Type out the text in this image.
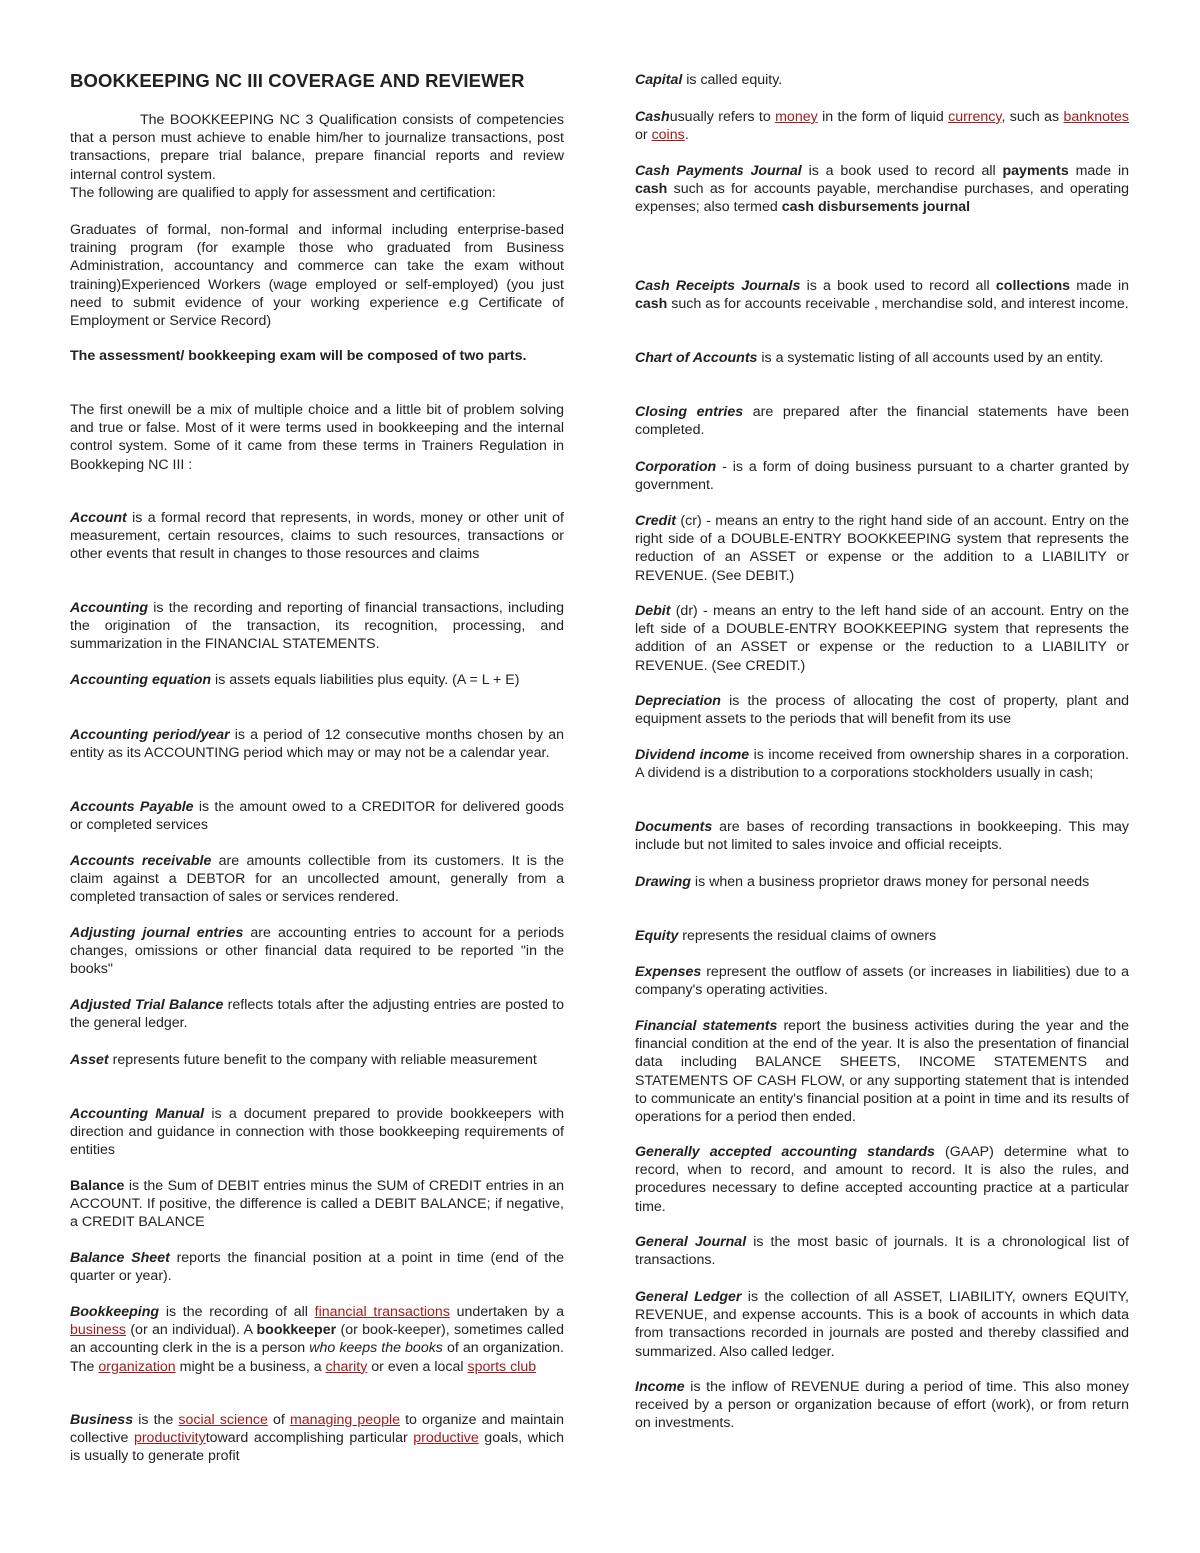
BOOKKEEPING NC III COVERAGE AND REVIEWER

The BOOKKEEPING NC 3 Qualification consists of competencies that a person must achieve to enable him/her to journalize transactions, post transactions, prepare trial balance, prepare financial reports and review internal control system.

The following are qualified to apply for assessment and certification:

Graduates of formal, non-formal and informal including enterprise-based training program (for example those who graduated from Business Administration, accountancy and commerce can take the exam without training)Experienced Workers (wage employed or self-employed) (you just need to submit evidence of your working experience e.g Certificate of Employment or Service Record)

The assessment/ bookkeeping exam will be composed of two parts.

The first onewill be a mix of multiple choice and a little bit of problem solving and true or false. Most of it were terms used in bookkeeping and the internal control system. Some of it came from these terms in Trainers Regulation in Bookkeping NC III :

Account is a formal record that represents, in words, money or other unit of measurement, certain resources, claims to such resources, transactions or other events that result in changes to those resources and claims

Accounting is the recording and reporting of financial transactions, including the origination of the transaction, its recognition, processing, and summarization in the FINANCIAL STATEMENTS.

Accounting equation is assets equals liabilities plus equity. (A = L + E)

Accounting period/year is a period of 12 consecutive months chosen by an entity as its ACCOUNTING period which may or may not be a calendar year.

Accounts Payable is the amount owed to a CREDITOR for delivered goods or completed services

Accounts receivable are amounts collectible from its customers. It is the claim against a DEBTOR for an uncollected amount, generally from a completed transaction of sales or services rendered.

Adjusting journal entries are accounting entries to account for a periods changes, omissions or other financial data required to be reported "in the books"

Adjusted Trial Balance reflects totals after the adjusting entries are posted to the general ledger.

Asset represents future benefit to the company with reliable measurement

Accounting Manual is a document prepared to provide bookkeepers with direction and guidance in connection with those bookkeeping requirements of entities

Balance is the Sum of DEBIT entries minus the SUM of CREDIT entries in an ACCOUNT. If positive, the difference is called a DEBIT BALANCE; if negative, a CREDIT BALANCE

Balance Sheet reports the financial position at a point in time (end of the quarter or year).

Bookkeeping is the recording of all financial transactions undertaken by a business (or an individual). A bookkeeper (or book-keeper), sometimes called an accounting clerk in the is a person who keeps the books of an organization. The organization might be a business, a charity or even a local sports club

Business is the social science of managing people to organize and maintain collective productivitytoward accomplishing particular productive goals, which is usually to generate profit

Capital is called equity.

Cashusually refers to money in the form of liquid currency, such as banknotes or coins.

Cash Payments Journal is a book used to record all payments made in cash such as for accounts payable, merchandise purchases, and operating expenses; also termed cash disbursements journal

Cash Receipts Journals is a book used to record all collections made in cash such as for accounts receivable , merchandise sold, and interest income.

Chart of Accounts is a systematic listing of all accounts used by an entity.

Closing entries are prepared after the financial statements have been completed.

Corporation - is a form of doing business pursuant to a charter granted by government.

Credit (cr) - means an entry to the right hand side of an account. Entry on the right side of a DOUBLE-ENTRY BOOKKEEPING system that represents the reduction of an ASSET or expense or the addition to a LIABILITY or REVENUE. (See DEBIT.)

Debit (dr) - means an entry to the left hand side of an account. Entry on the left side of a DOUBLE-ENTRY BOOKKEEPING system that represents the addition of an ASSET or expense or the reduction to a LIABILITY or REVENUE. (See CREDIT.)

Depreciation is the process of allocating the cost of property, plant and equipment assets to the periods that will benefit from its use

Dividend income is income received from ownership shares in a corporation. A dividend is a distribution to a corporations stockholders usually in cash;

Documents are bases of recording transactions in bookkeeping. This may include but not limited to sales invoice and official receipts.

Drawing is when a business proprietor draws money for personal needs

Equity represents the residual claims of owners

Expenses represent the outflow of assets (or increases in liabilities) due to a company's operating activities.

Financial statements report the business activities during the year and the financial condition at the end of the year. It is also the presentation of financial data including BALANCE SHEETS, INCOME STATEMENTS and STATEMENTS OF CASH FLOW, or any supporting statement that is intended to communicate an entity's financial position at a point in time and its results of operations for a period then ended.

Generally accepted accounting standards (GAAP) determine what to record, when to record, and amount to record. It is also the rules, and procedures necessary to define accepted accounting practice at a particular time.

General Journal is the most basic of journals. It is a chronological list of transactions.

General Ledger is the collection of all ASSET, LIABILITY, owners EQUITY, REVENUE, and expense accounts. This is a book of accounts in which data from transactions recorded in journals are posted and thereby classified and summarized. Also called ledger.

Income is the inflow of REVENUE during a period of time. This also money received by a person or organization because of effort (work), or from return on investments.
